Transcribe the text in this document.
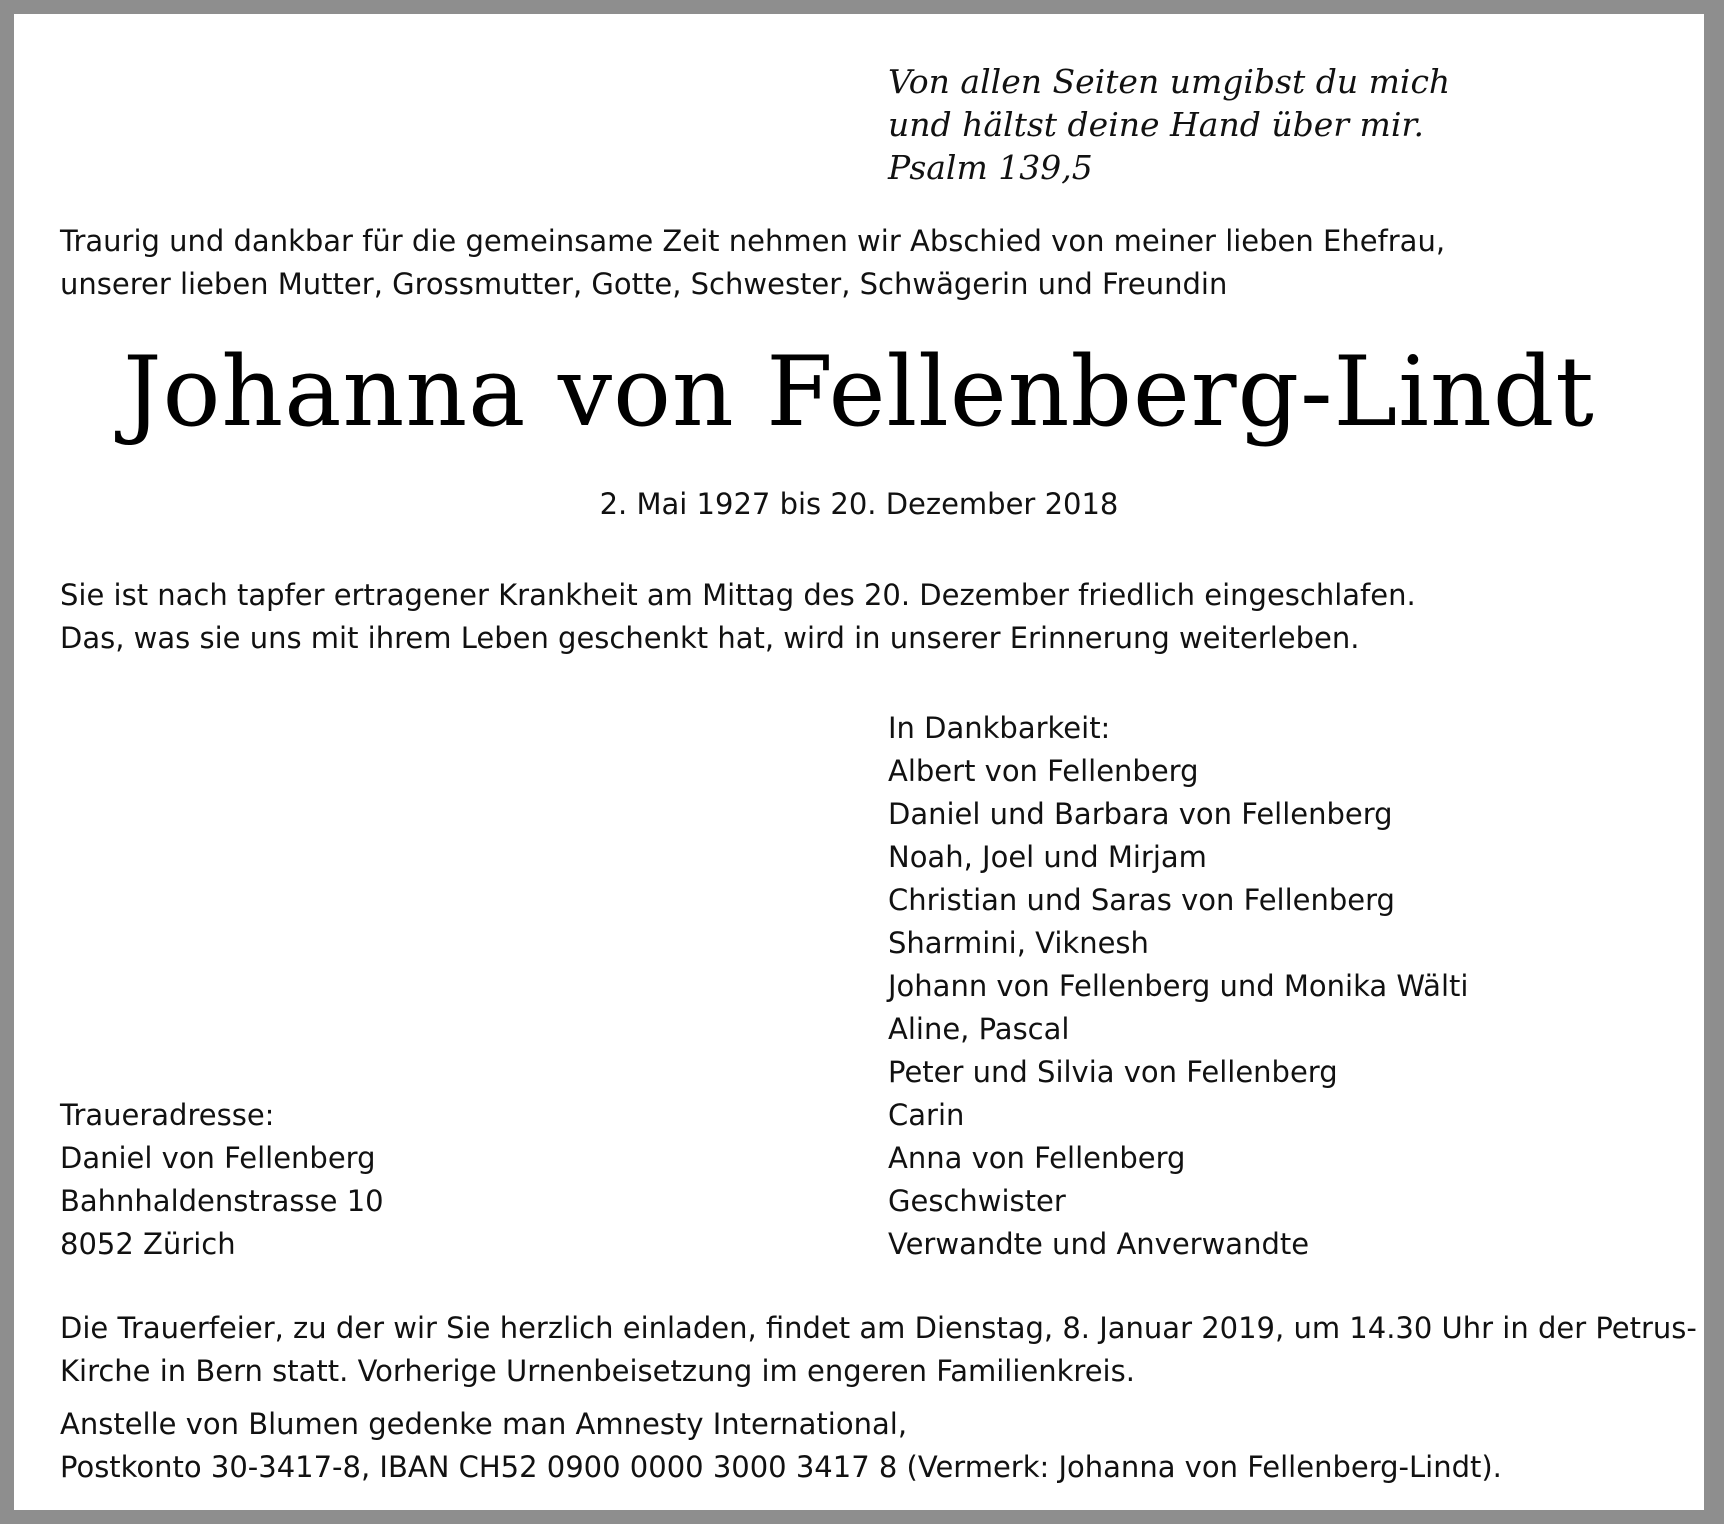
Von allen Seiten umgibst du mich
und hältst deine Hand über mir.
Psalm 139,5
Traurig und dankbar für die gemeinsame Zeit nehmen wir Abschied von meiner lieben Ehefrau,
unserer lieben Mutter, Grossmutter, Gotte, Schwester, Schwägerin und Freundin
Johanna von Fellenberg-Lindt
2. Mai 1927 bis 20. Dezember 2018
Sie ist nach tapfer ertragener Krankheit am Mittag des 20. Dezember friedlich eingeschlafen.
Das, was sie uns mit ihrem Leben geschenkt hat, wird in unserer Erinnerung weiterleben.
In Dankbarkeit:
Albert von Fellenberg
Daniel und Barbara von Fellenberg
Noah, Joel und Mirjam
Christian und Saras von Fellenberg
Sharmini, Viknesh
Johann von Fellenberg und Monika Wälti
Aline, Pascal
Peter und Silvia von Fellenberg
Carin
Anna von Fellenberg
Geschwister
Verwandte und Anverwandte
Traueradresse:
Daniel von Fellenberg
Bahnhaldenstrasse 10
8052 Zürich
Die Trauerfeier, zu der wir Sie herzlich einladen, findet am Dienstag, 8. Januar 2019, um 14.30 Uhr in der Petrus-
Kirche in Bern statt. Vorherige Urnenbeisetzung im engeren Familienkreis.
Anstelle von Blumen gedenke man Amnesty International,
Postkonto 30-3417-8, IBAN CH52 0900 0000 3000 3417 8 (Vermerk: Johanna von Fellenberg-Lindt).
